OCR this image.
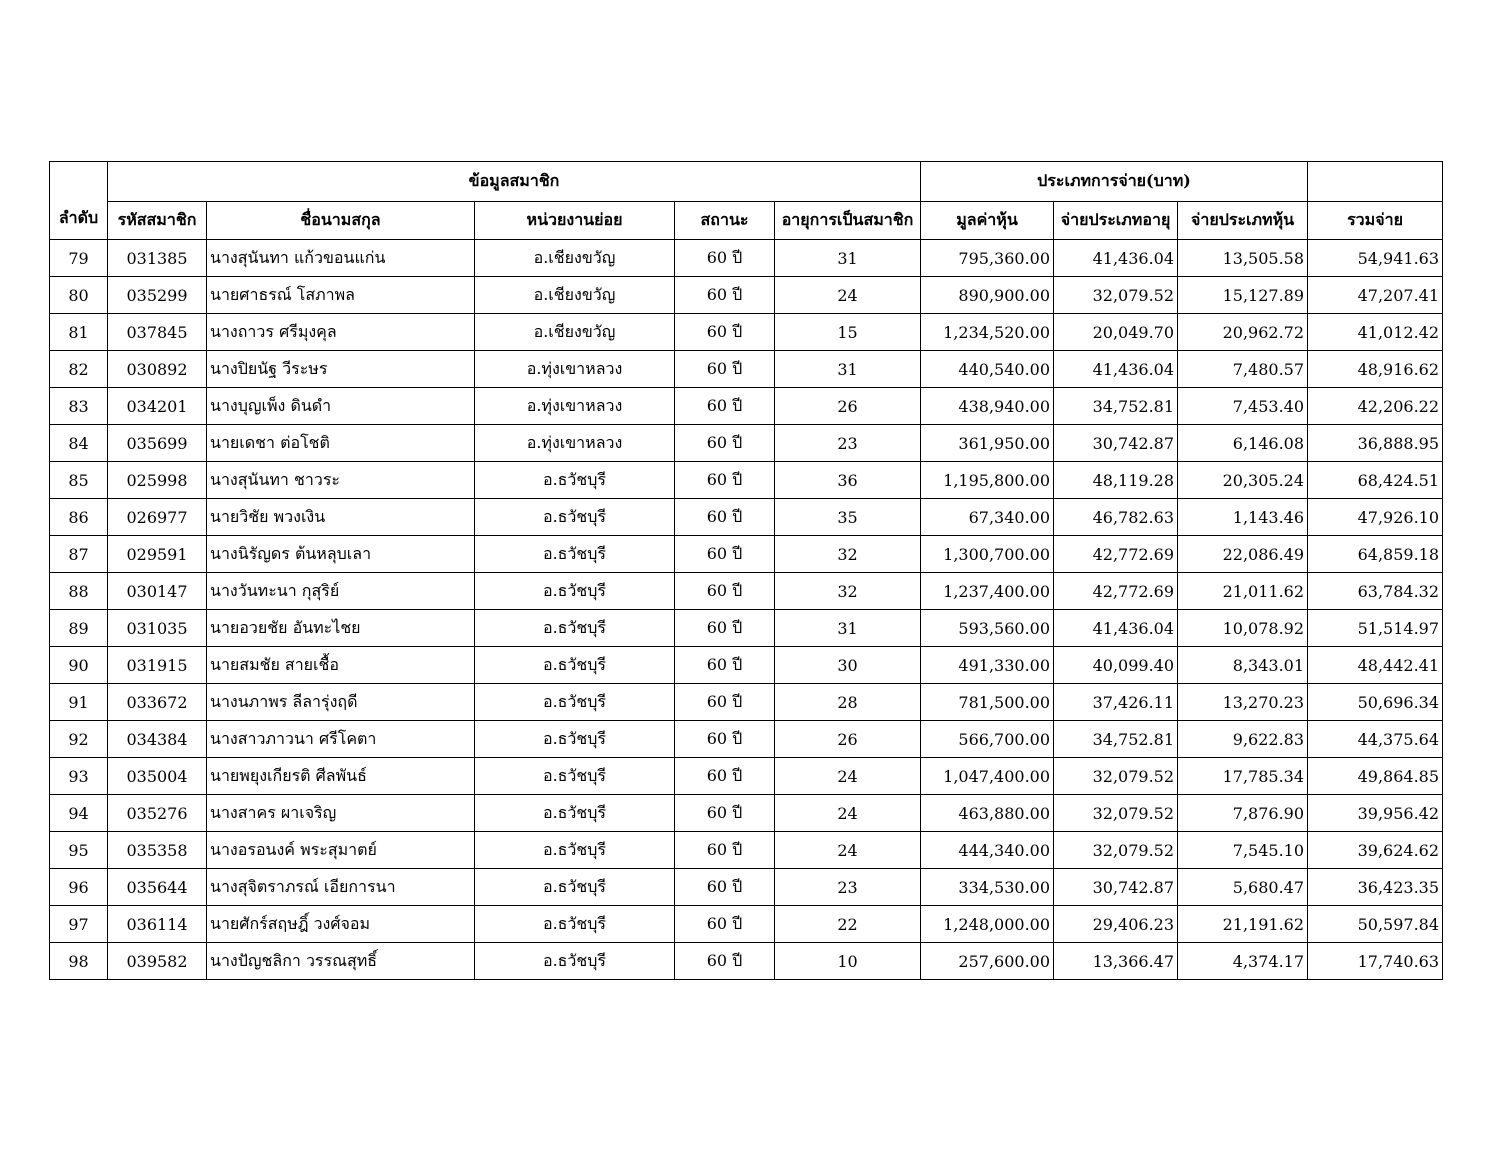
ลำดับ	ข้อมูลสมาชิก					ประเภทการจ่าย(บาท)			
	รหัสสมาชิก	ชื่อนามสกุล	หน่วยงานย่อย	สถานะ	อายุการเป็นสมาชิก	มูลค่าหุ้น	จ่ายประเภทอายุ	จ่ายประเภทหุ้น	รวมจ่าย
79	031385	นางสุนันทา แก้วขอนแก่น	อ.เชียงขวัญ	60 ปี	31	795,360.00	41,436.04	13,505.58	54,941.63
80	035299	นายศาธรณ์ โสภาพล	อ.เชียงขวัญ	60 ปี	24	890,900.00	32,079.52	15,127.89	47,207.41
81	037845	นางถาวร ศรีมุงคุล	อ.เชียงขวัญ	60 ปี	15	1,234,520.00	20,049.70	20,962.72	41,012.42
82	030892	นางปิยนัฐ วีระษร	อ.ทุ่งเขาหลวง	60 ปี	31	440,540.00	41,436.04	7,480.57	48,916.62
83	034201	นางบุญเพ็ง ดินดำ	อ.ทุ่งเขาหลวง	60 ปี	26	438,940.00	34,752.81	7,453.40	42,206.22
84	035699	นายเดชา ต่อโชติ	อ.ทุ่งเขาหลวง	60 ปี	23	361,950.00	30,742.87	6,146.08	36,888.95
85	025998	นางสุนันทา ชาวระ	อ.ธวัชบุรี	60 ปี	36	1,195,800.00	48,119.28	20,305.24	68,424.51
86	026977	นายวิชัย พวงเงิน	อ.ธวัชบุรี	60 ปี	35	67,340.00	46,782.63	1,143.46	47,926.10
87	029591	นางนิรัญดร ต้นหลุบเลา	อ.ธวัชบุรี	60 ปี	32	1,300,700.00	42,772.69	22,086.49	64,859.18
88	030147	นางวันทะนา กุสุริย์	อ.ธวัชบุรี	60 ปี	32	1,237,400.00	42,772.69	21,011.62	63,784.32
89	031035	นายอวยชัย อันทะไชย	อ.ธวัชบุรี	60 ปี	31	593,560.00	41,436.04	10,078.92	51,514.97
90	031915	นายสมชัย สายเชื้อ	อ.ธวัชบุรี	60 ปี	30	491,330.00	40,099.40	8,343.01	48,442.41
91	033672	นางนภาพร ลีลารุ่งฤดี	อ.ธวัชบุรี	60 ปี	28	781,500.00	37,426.11	13,270.23	50,696.34
92	034384	นางสาวภาวนา ศรีโคตา	อ.ธวัชบุรี	60 ปี	26	566,700.00	34,752.81	9,622.83	44,375.64
93	035004	นายพยุงเกียรติ ศีลพันธ์	อ.ธวัชบุรี	60 ปี	24	1,047,400.00	32,079.52	17,785.34	49,864.85
94	035276	นางสาคร ผาเจริญ	อ.ธวัชบุรี	60 ปี	24	463,880.00	32,079.52	7,876.90	39,956.42
95	035358	นางอรอนงค์ พระสุมาตย์	อ.ธวัชบุรี	60 ปี	24	444,340.00	32,079.52	7,545.10	39,624.62
96	035644	นางสุจิตราภรณ์ เอียการนา	อ.ธวัชบุรี	60 ปี	23	334,530.00	30,742.87	5,680.47	36,423.35
97	036114	นายศักร์สฤษฎิ์ วงศ์จอม	อ.ธวัชบุรี	60 ปี	22	1,248,000.00	29,406.23	21,191.62	50,597.84
98	039582	นางปัญชลิกา วรรณสุทธิ์	อ.ธวัชบุรี	60 ปี	10	257,600.00	13,366.47	4,374.17	17,740.63
